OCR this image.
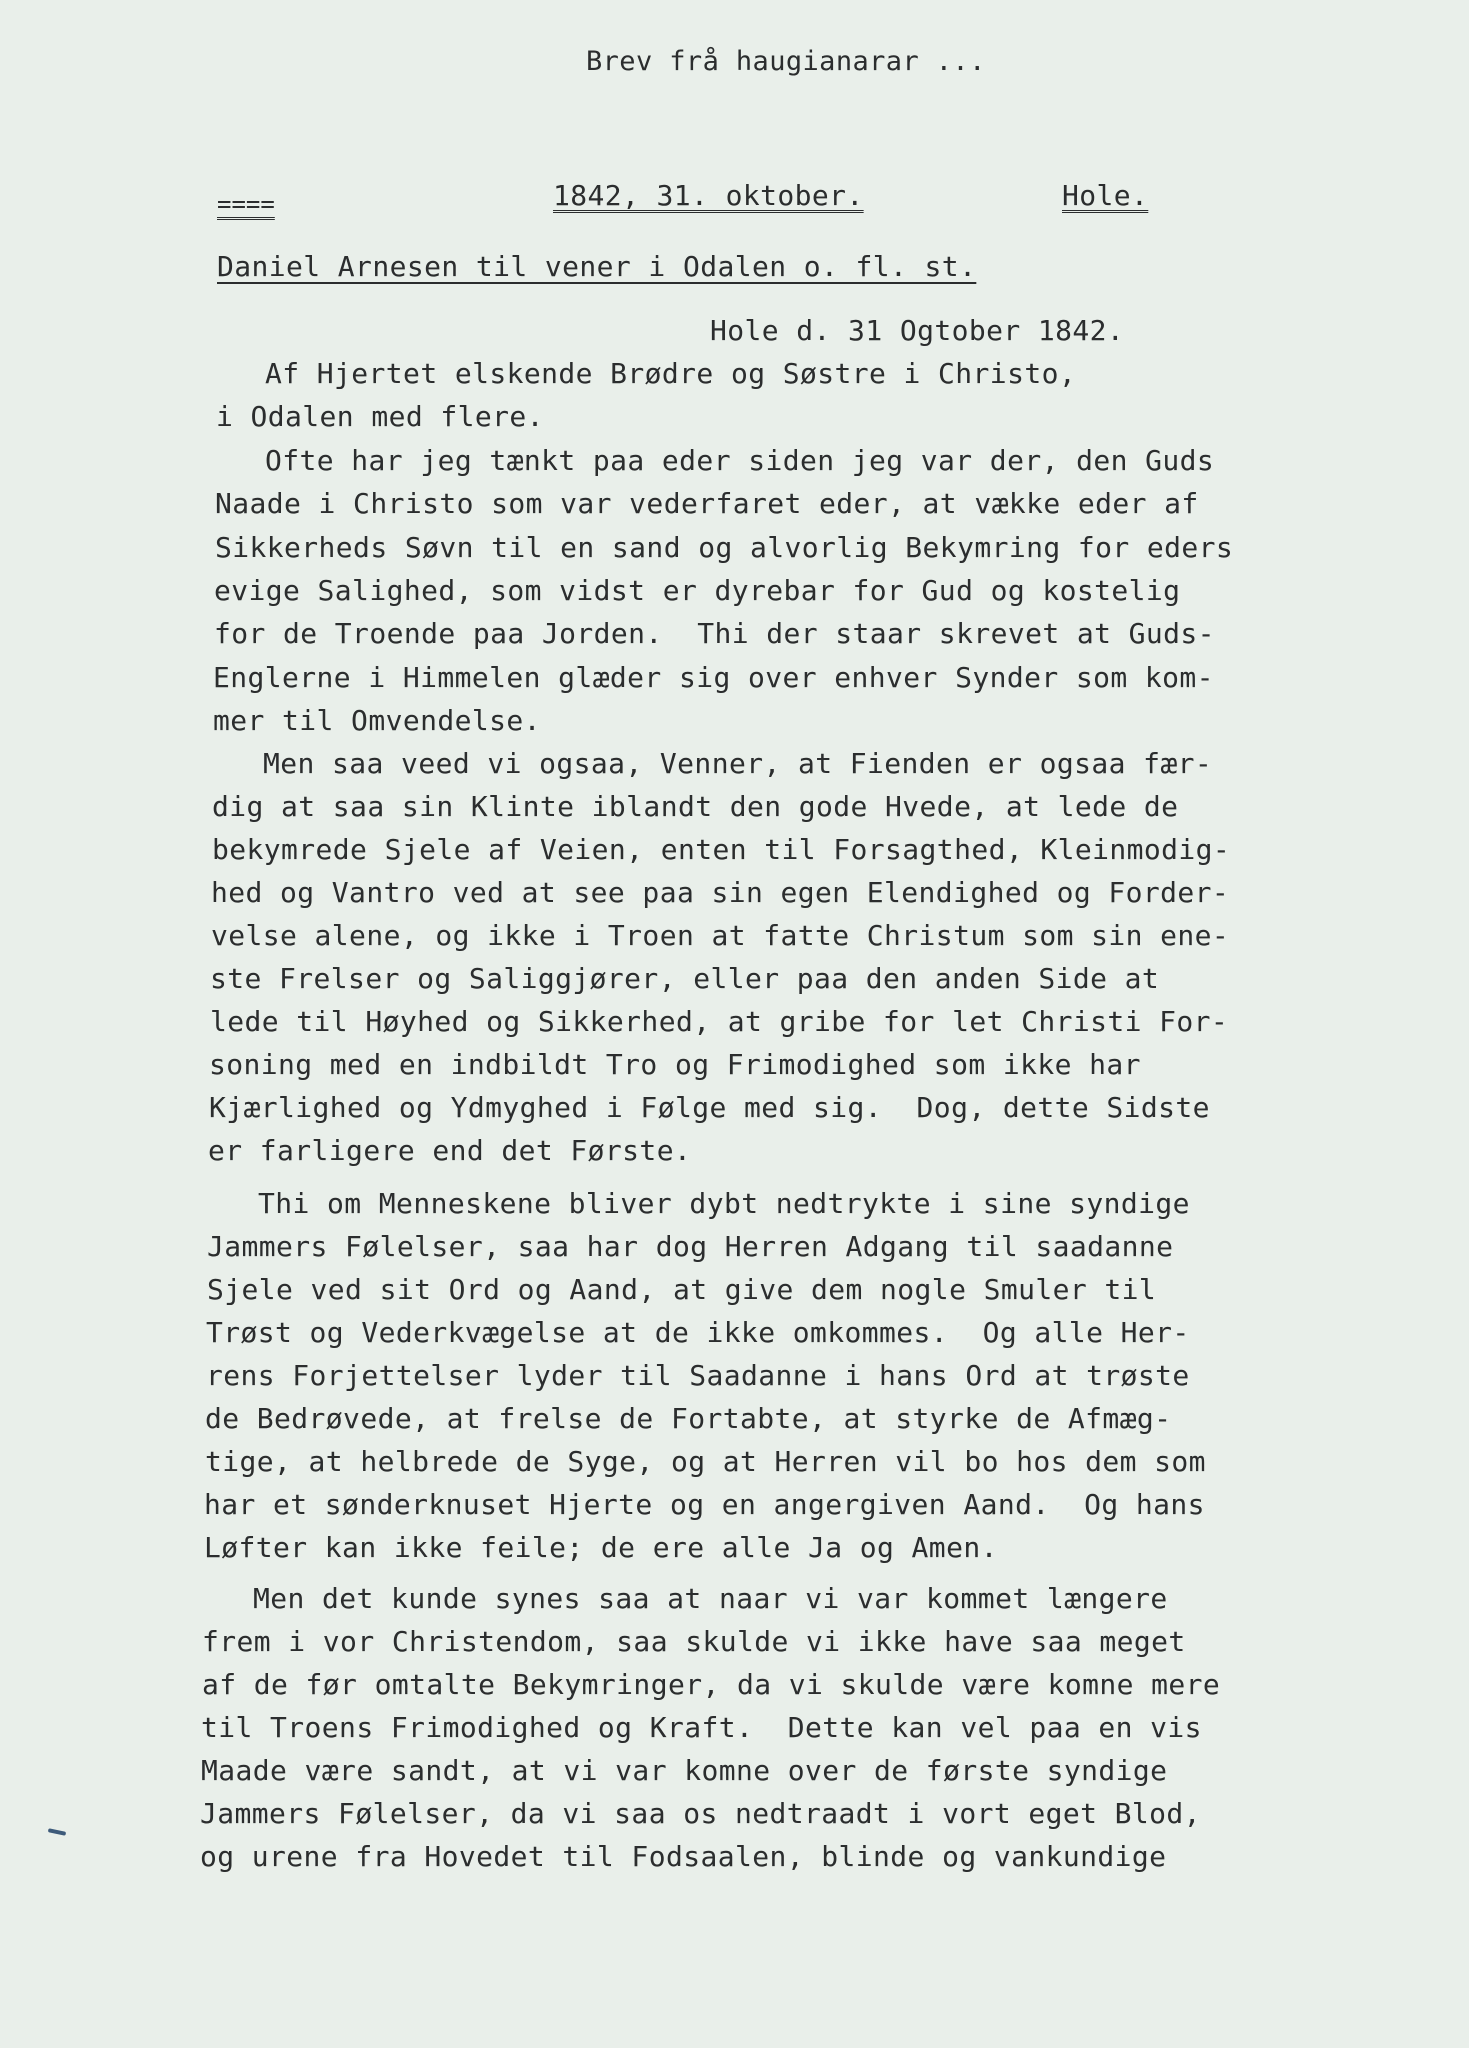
Brev frå haugianarar ...
====	1842, 31. oktober.	Hole.
Daniel Arnesen til vener i Odalen o. fl. st.
Hole d. 31 Ogtober 1842.
Af Hjertet elskende Brødre og Søstre i Christo,
i Odalen med flere.
Ofte har jeg tænkt paa eder siden jeg var der, den Guds
Naade i Christo som var vederfaret eder, at vække eder af
Sikkerheds Søvn til en sand og alvorlig Bekymring for eders
evige Salighed, som vidst er dyrebar for Gud og kostelig
for de Troende paa Jorden.  Thi der staar skrevet at Guds-
Englerne i Himmelen glæder sig over enhver Synder som kom-
mer til Omvendelse.
Men saa veed vi ogsaa, Venner, at Fienden er ogsaa fær-
dig at saa sin Klinte iblandt den gode Hvede, at lede de
bekymrede Sjele af Veien, enten til Forsagthed, Kleinmodig-
hed og Vantro ved at see paa sin egen Elendighed og Forder-
velse alene, og ikke i Troen at fatte Christum som sin ene-
ste Frelser og Saliggjører, eller paa den anden Side at
lede til Høyhed og Sikkerhed, at gribe for let Christi For-
soning med en indbildt Tro og Frimodighed som ikke har
Kjærlighed og Ydmyghed i Følge med sig.  Dog, dette Sidste
er farligere end det Første.
Thi om Menneskene bliver dybt nedtrykte i sine syndige
Jammers Følelser, saa har dog Herren Adgang til saadanne
Sjele ved sit Ord og Aand, at give dem nogle Smuler til
Trøst og Vederkvægelse at de ikke omkommes.  Og alle Her-
rens Forjettelser lyder til Saadanne i hans Ord at trøste
de Bedrøvede, at frelse de Fortabte, at styrke de Afmæg-
tige, at helbrede de Syge, og at Herren vil bo hos dem som
har et sønderknuset Hjerte og en angergiven Aand.  Og hans
Løfter kan ikke feile; de ere alle Ja og Amen.
Men det kunde synes saa at naar vi var kommet længere
frem i vor Christendom, saa skulde vi ikke have saa meget
af de før omtalte Bekymringer, da vi skulde være komne mere
til Troens Frimodighed og Kraft.  Dette kan vel paa en vis
Maade være sandt, at vi var komne over de første syndige
Jammers Følelser, da vi saa os nedtraadt i vort eget Blod,
og urene fra Hovedet til Fodsaalen, blinde og vankundige
